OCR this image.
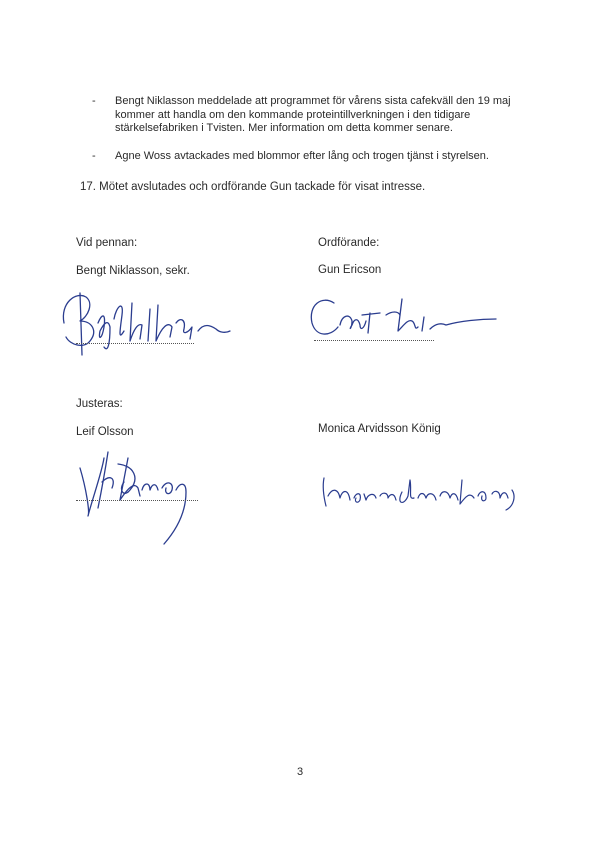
- Bengt Niklasson meddelade att programmet för vårens sista cafekväll den 19 maj kommer att handla om den kommande proteintillverkningen i den tidigare stärkelsefabriken i Tvisten. Mer information om detta kommer senare.
- Agne Woss avtackades med blommor efter lång och trogen tjänst i styrelsen.
17. Mötet avslutades och ordförande Gun tackade för visat intresse.
Vid pennan:
Bengt Niklasson, sekr.
Ordförande:
Gun Ericson
Justeras:
Leif Olsson	Monica Arvidsson König
3
